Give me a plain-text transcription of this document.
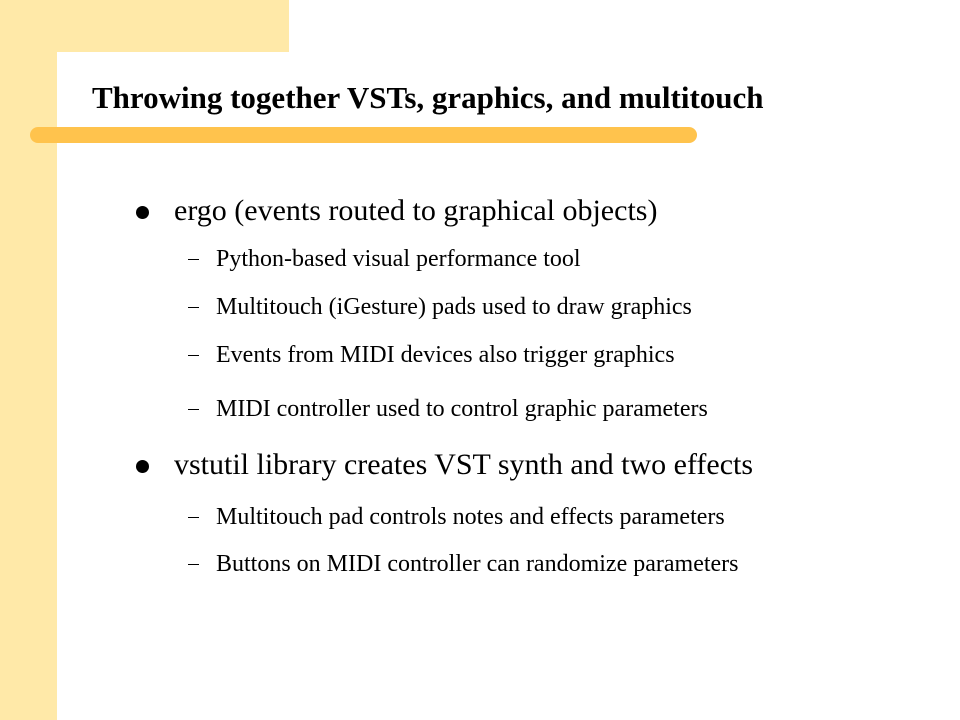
Throwing together VSTs, graphics, and multitouch
ergo (events routed to graphical objects)
Python-based visual performance tool
Multitouch (iGesture) pads used to draw graphics
Events from MIDI devices also trigger graphics
MIDI controller used to control graphic parameters
vstutil library creates VST synth and two effects
Multitouch pad controls notes and effects parameters
Buttons on MIDI controller can randomize parameters
